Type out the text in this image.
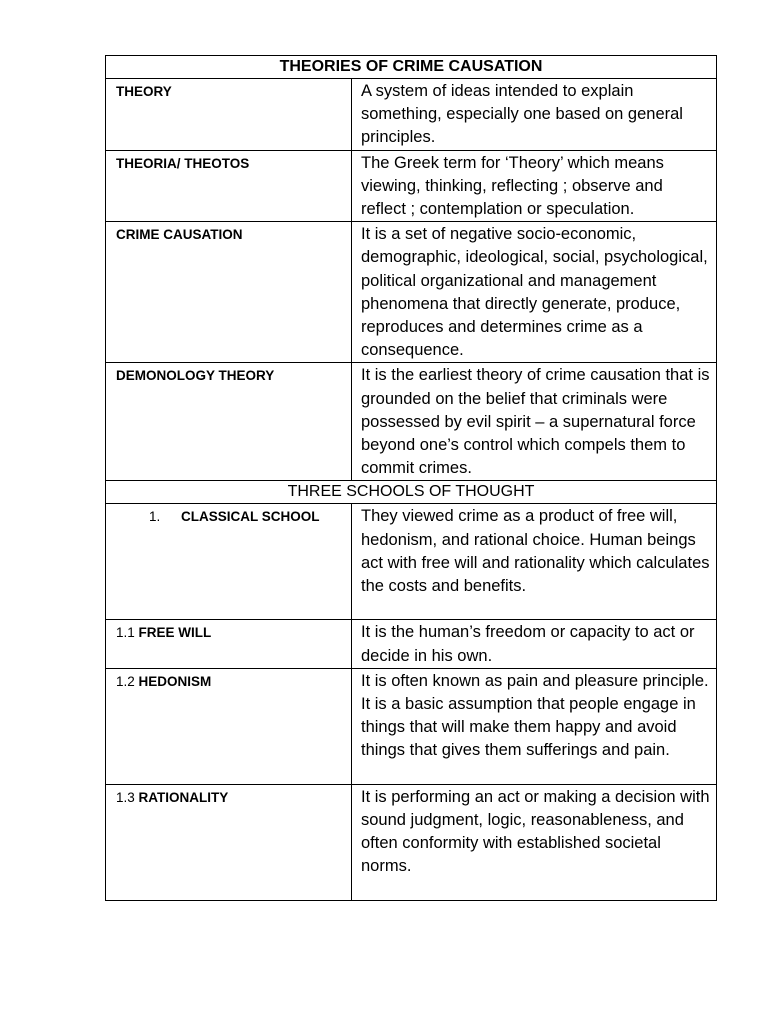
THEORIES OF CRIME CAUSATION	
THEORY	A system of ideas intended to explain something, especially one based on general principles.
THEORIA/ THEOTOS	The Greek term for ‘Theory’ which means viewing, thinking, reflecting ; observe and reflect ; contemplation or speculation.
CRIME CAUSATION	It is a set of negative socio-economic, demographic, ideological, social, psychological, political organizational and management phenomena that directly generate, produce, reproduces and determines crime as a consequence.
DEMONOLOGY THEORY	It is the earliest theory of crime causation that is grounded on the belief that criminals were possessed by evil spirit – a supernatural force beyond one’s control which compels them to commit crimes.
THREE SCHOOLS OF THOUGHT	
1. CLASSICAL SCHOOL	They viewed crime as a product of free will, hedonism, and rational choice. Human beings act with free will and rationality which calculates the costs and benefits.
1.1 FREE WILL	It is the human’s freedom or capacity to act or decide in his own.
1.2 HEDONISM	It is often known as pain and pleasure principle. It is a basic assumption that people engage in things that will make them happy and avoid things that gives them sufferings and pain.
1.3 RATIONALITY	It is performing an act or making a decision with sound judgment, logic, reasonableness, and often conformity with established societal norms.
